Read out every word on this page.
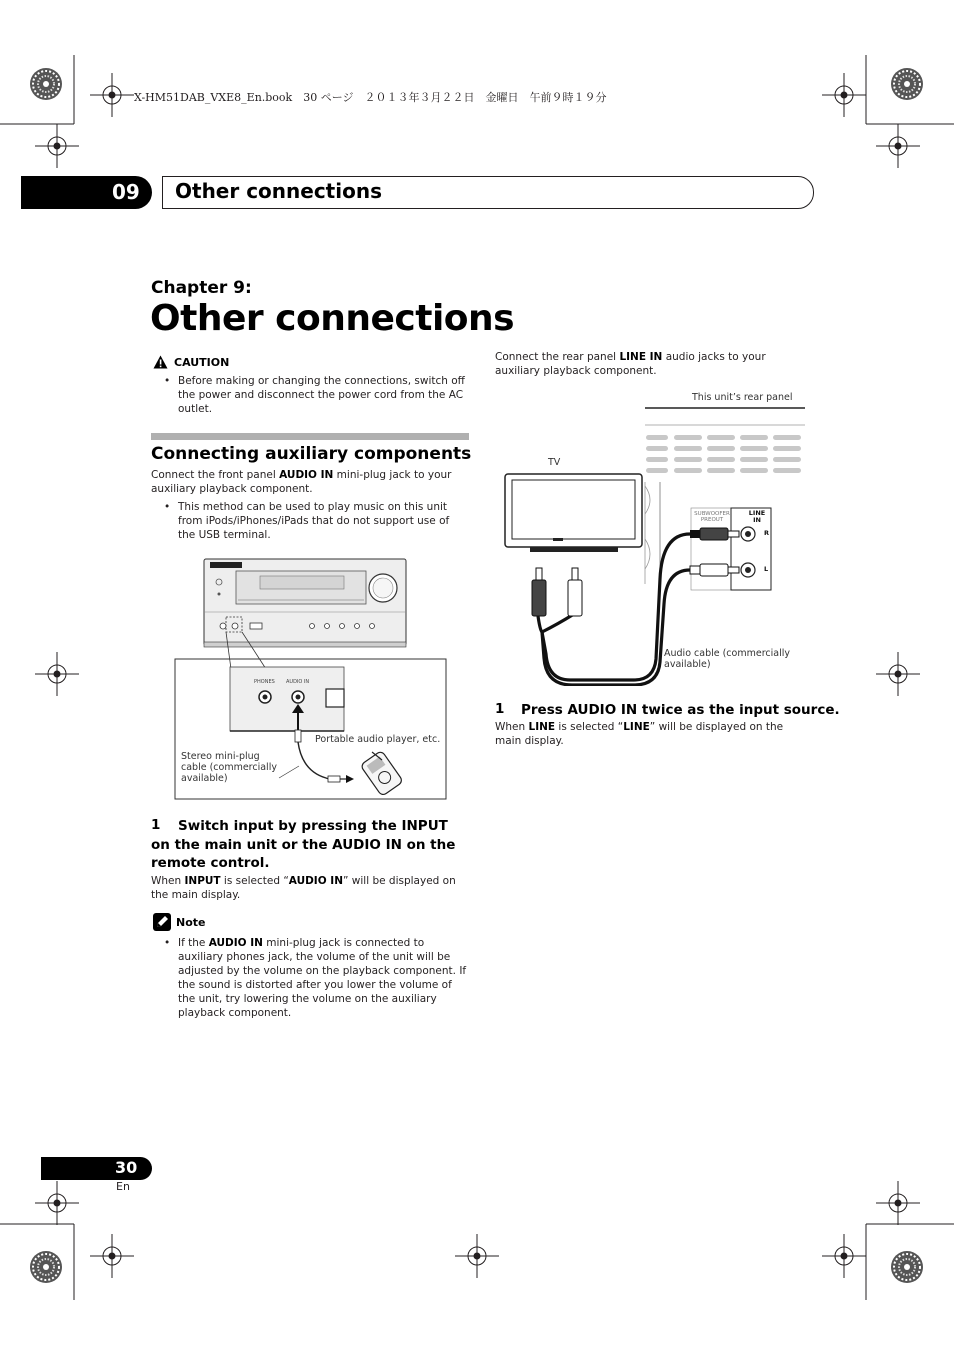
X-HM51DAB_VXE8_En.book　30 ページ　２０１３年３月２２日　金曜日　午前９時１９分
09 Other connections
Chapter 9:
Other connections
CAUTION
• Before making or changing the connections, switch off the power and disconnect the power cord from the AC outlet.
Connecting auxiliary components
Connect the front panel AUDIO IN mini-plug jack to your auxiliary playback component.
• This method can be used to play music on this unit from iPods/iPhones/iPads that do not support use of the USB terminal.
PHONES AUDIO IN
Portable audio player, etc.
Stereo mini-plug cable (commercially available)
1	Switch input by pressing the INPUT on the main unit or the AUDIO IN on the remote control.
When INPUT is selected “AUDIO IN” will be displayed on the main display.
Note
• If the AUDIO IN mini-plug jack is connected to auxiliary phones jack, the volume of the unit will be adjusted by the volume on the playback component. If the sound is distorted after you lower the volume of the unit, try lowering the volume on the auxiliary playback component.
Connect the rear panel LINE IN audio jacks to your auxiliary playback component.
This unit’s rear panel
TV
SUBWOOFER PREOUT
LINE IN
R
L
Audio cable (commercially available)
1 Press AUDIO IN twice as the input source.
When LINE is selected “LINE” will be displayed on the main display.
30
En
